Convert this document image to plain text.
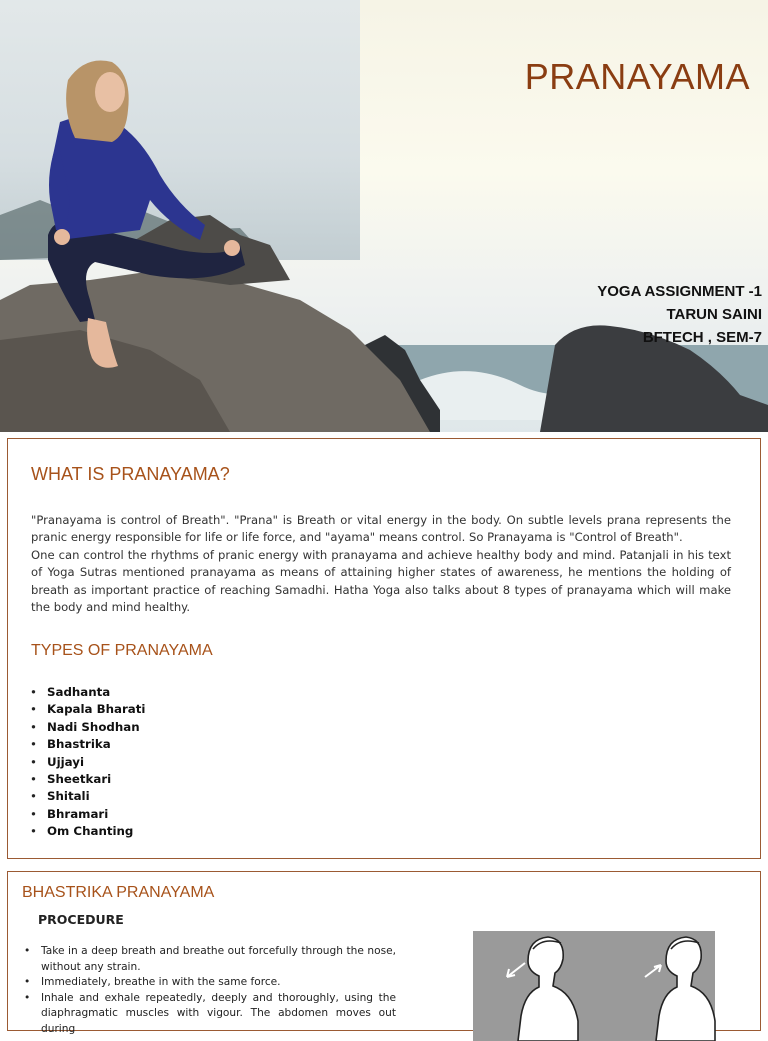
PRANAYAMA
YOGA ASSIGNMENT -1
TARUN SAINI
BFTECH , SEM-7
WHAT IS PRANAYAMA?

"Pranayama is control of Breath". "Prana" is Breath or vital energy in the body. On subtle levels prana represents the pranic energy responsible for life or life force, and "ayama" means control. So Pranayama is "Control of Breath".

One can control the rhythms of pranic energy with pranayama and achieve healthy body and mind. Patanjali in his text of Yoga Sutras mentioned pranayama as means of attaining higher states of awareness, he mentions the holding of breath as important practice of reaching Samadhi. Hatha Yoga also talks about 8 types of pranayama which will make the body and mind healthy.

TYPES OF PRANAYAMA
• Sadhanta
• Kapala Bharati
• Nadi Shodhan
• Bhastrika
• Ujjayi
• Sheetkari
• Shitali
• Bhramari
• Om Chanting
BHASTRIKA PRANAYAMA
PROCEDURE
• Take in a deep breath and breathe out forcefully through the nose, without any strain.
• Immediately, breathe in with the same force.
• Inhale and exhale repeatedly, deeply and thoroughly, using the diaphragmatic muscles with vigour. The abdomen moves out during
